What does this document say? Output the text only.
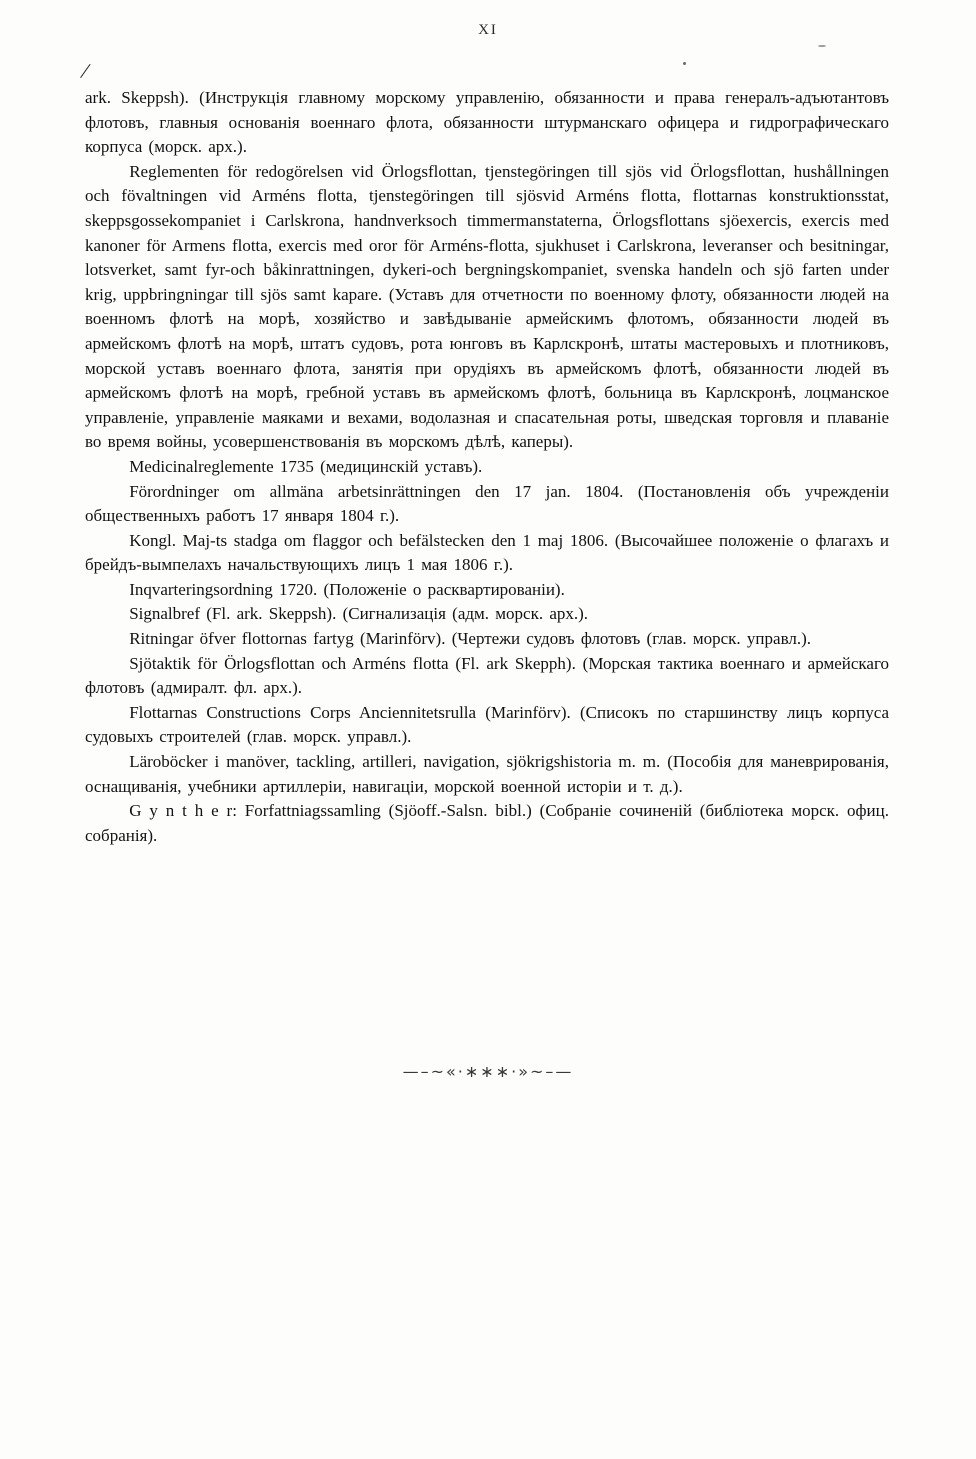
XI
/

ark. Skeppsh). (Инструкція главному морскому управленію, обязанности и права генералъ-адъютантовъ флотовъ, главныя основанія военнаго флота, обязанности штурманскаго офицера и гидрографическаго корпуса (морск. арх.).

Reglementen för redogörelsen vid Örlogsflottan, tjenstegöringen till sjös vid Örlogsflottan, hushållningen och fövaltningen vid Arméns flotta, tjenstegöringen till sjösvid Arméns flotta, flottarnas konstruktionsstat, skeppsgossekompaniet i Carlskrona, handnverksoch timmermanstaterna, Örlogsflottans sjöexercis, exercis med kanoner för Armens flotta, exercis med oror för Arméns-flotta, sjukhuset i Carlskrona, leveranser och besitningar, lotsverket, samt fyr-och båkinrattningen, dykeri-och bergningskompaniet, svenska handeln och sjö farten under krig, uppbringningar till sjös samt kapare. (Уставъ для отчетности по военному флоту, обязанности людей на военномъ флотѣ на морѣ, хозяйство и завѣдываніе армейскимъ флотомъ, обязанности людей въ армейскомъ флотѣ на морѣ, штатъ судовъ, рота юнговъ въ Карлскронѣ, штаты мастеровыхъ и плотниковъ, морской уставъ военнаго флота, занятія при орудіяхъ въ армейскомъ флотѣ, обязанности людей въ армейскомъ флотѣ на морѣ, гребной уставъ въ армейскомъ флотѣ, больница въ Карлскронѣ, лоцманское управленіе, управленіе маяками и вехами, водолазная и спасательная роты, шведская торговля и плаваніе во время войны, усовершенствованія въ морскомъ дѣлѣ, каперы).

Medicinalreglemente 1735 (медицинскій уставъ).

Förordninger om allmäna arbetsinrättningen den 17 jan. 1804. (Постановленія объ учрежденіи общественныхъ работъ 17 января 1804 г.).

Kongl. Maj-ts stadga om flaggor och befälstecken den 1 maj 1806. (Высочайшее положеніе о флагахъ и брейдъ-вымпелахъ начальствующихъ лицъ 1 мая 1806 г.).

Inqvarteringsordning 1720. (Положеніе о расквартированіи).

Signalbref (Fl. ark. Skeppsh). (Сигнализація (адм. морск. арх.).

Ritningar öfver flottornas fartyg (Marinförv). (Чертежи судовъ флотовъ (глав. морск. управл.).

Sjötaktik för Örlogsflottan och Arméns flotta (Fl. ark Skepph). (Морская тактика военнаго и армейскаго флотовъ (адмиралт. фл. арх.).

Flottarnas Constructions Corps Anciennitetsrulla (Marinförv). (Списокъ по старшинству лицъ корпуса судовыхъ строителей (глав. морск. управл.).

Läroböcker i manöver, tackling, artilleri, navigation, sjökrigshistoria m. m. (Пособія для маневрированія, оснащиванія, учебники артиллеріи, навигаціи, морской военной исторіи и т. д.).

G y n t h e r: Forfattniagssamling (Sjöoff.-Salsn. bibl.) (Собраніе сочиненій (библіотека морск. офиц. собранія).

—–~«·∗∗∗·»~–—
